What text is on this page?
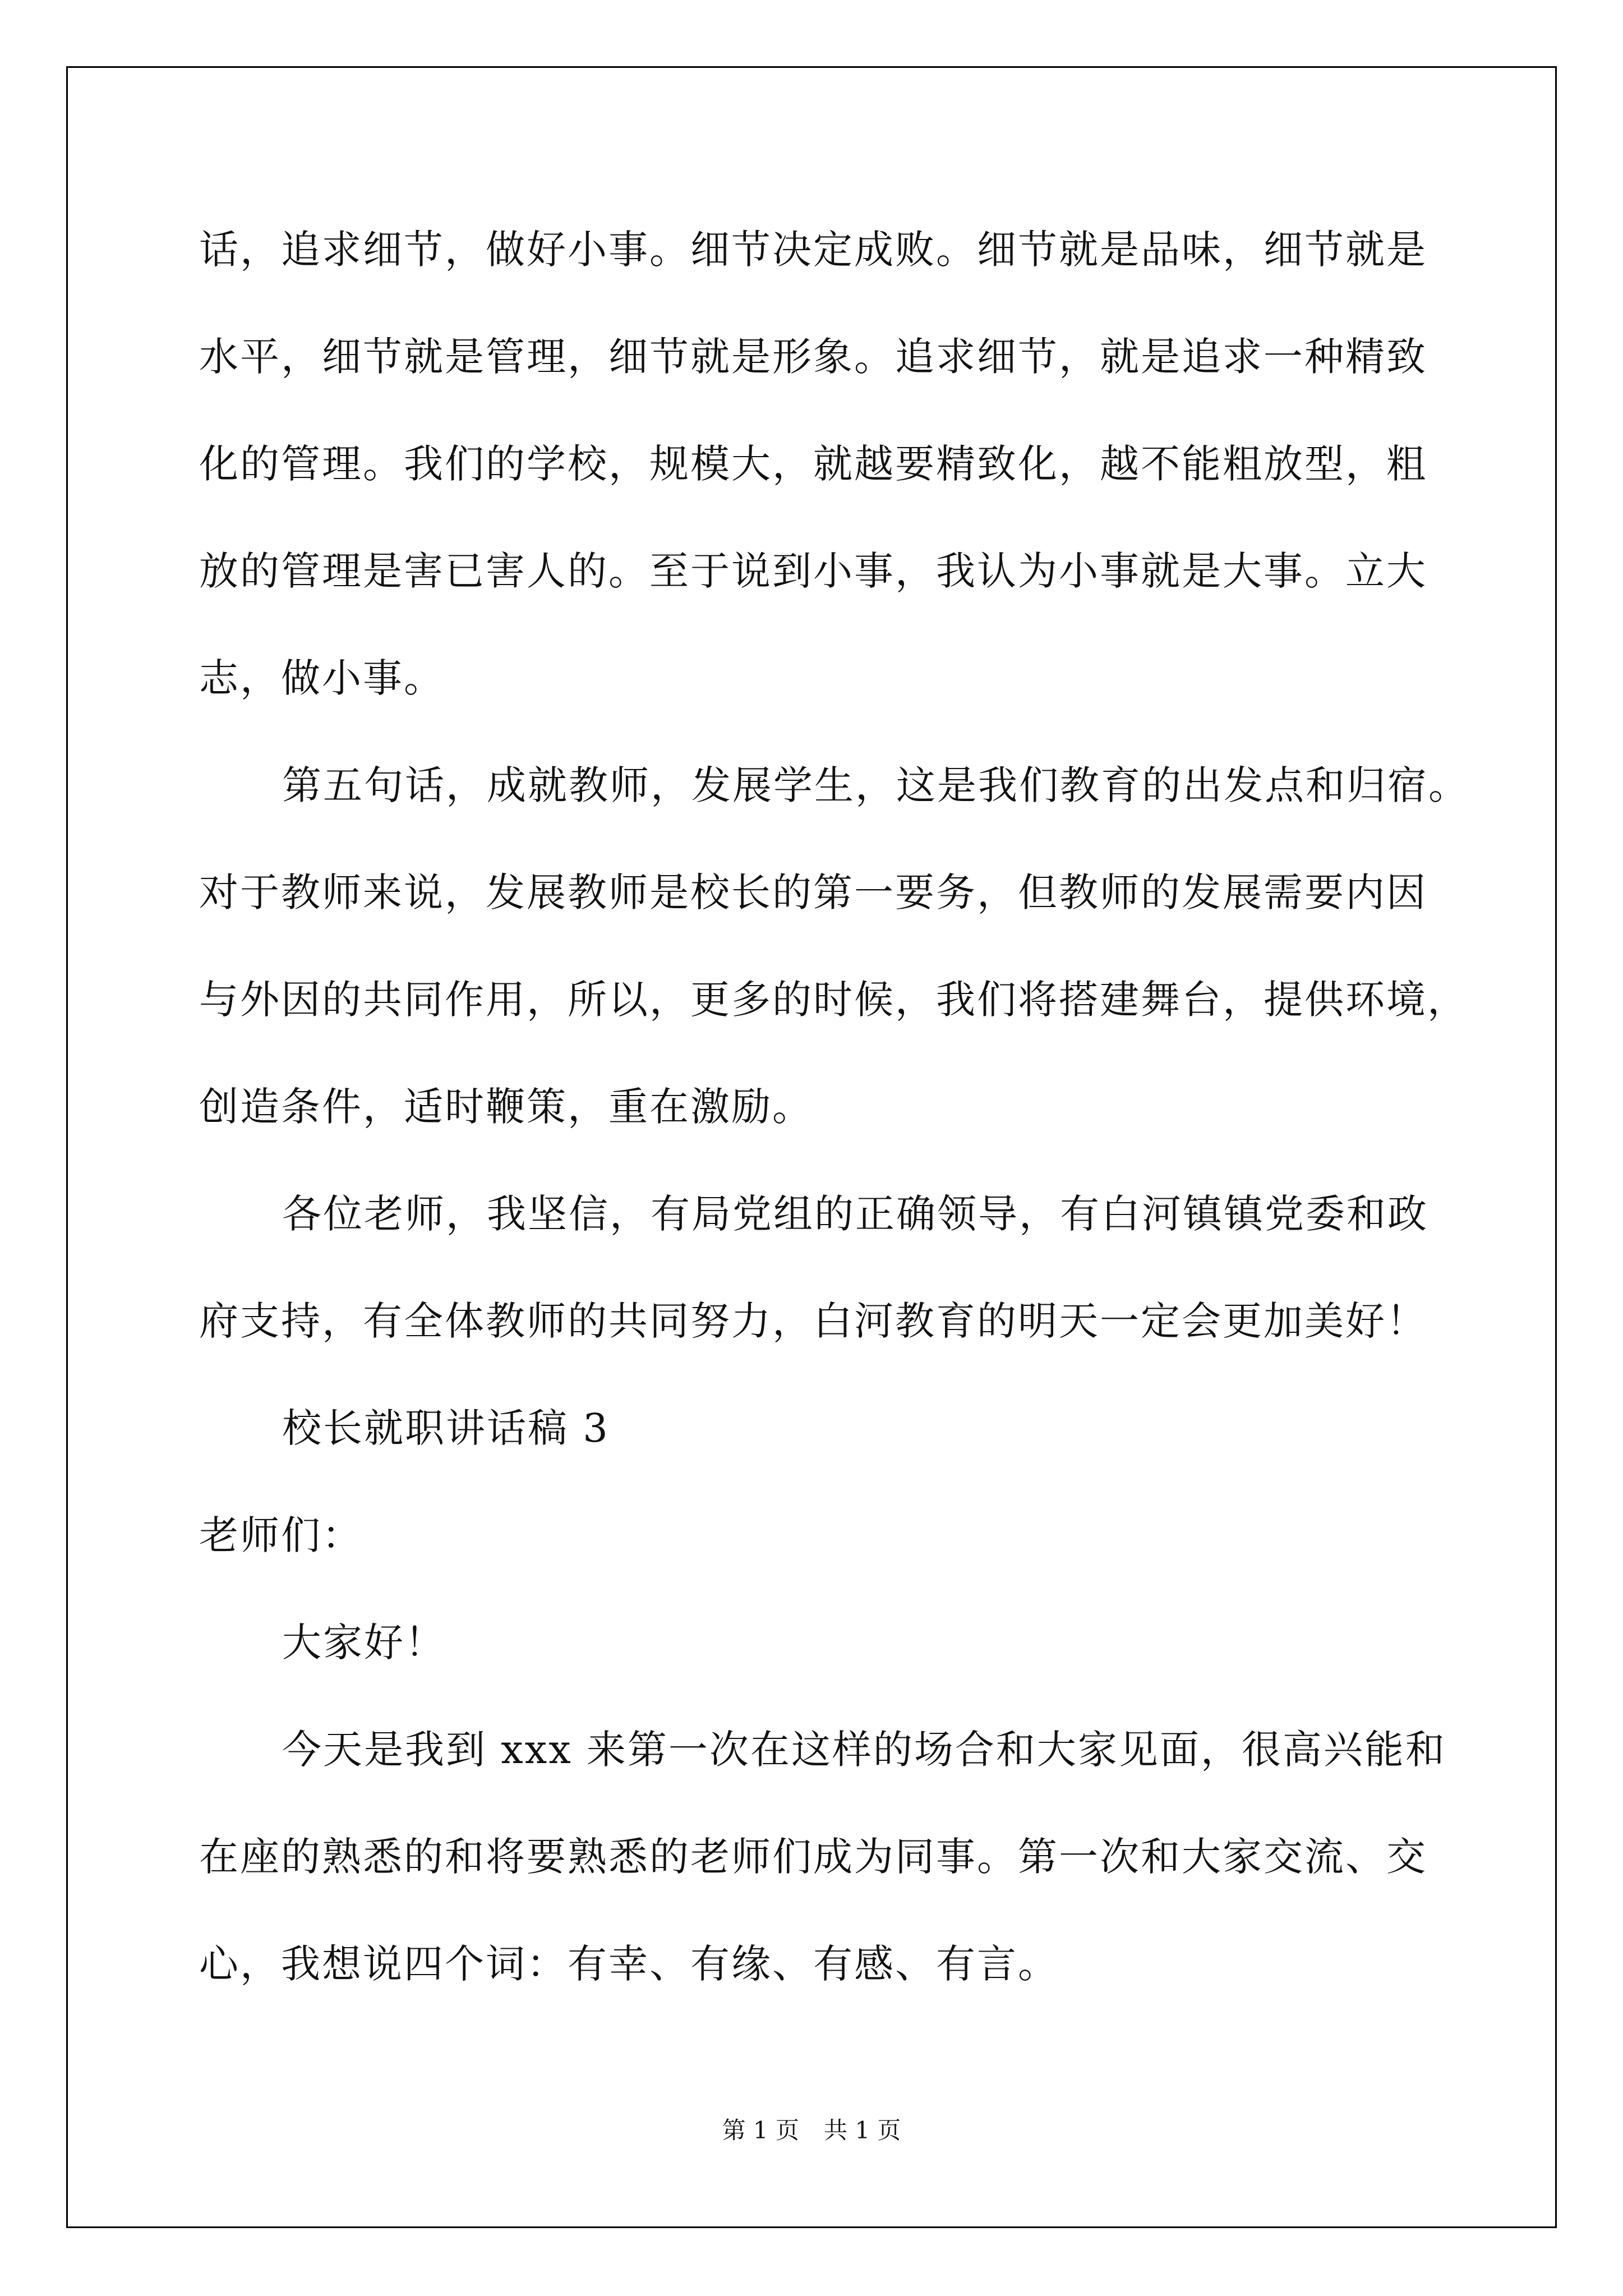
话，追求细节，做好小事。细节决定成败。细节就是品味，细节就是
水平，细节就是管理，细节就是形象。追求细节，就是追求一种精致
化的管理。我们的学校，规模大，就越要精致化，越不能粗放型，粗
放的管理是害已害人的。至于说到小事，我认为小事就是大事。立大
志，做小事。
第五句话，成就教师，发展学生，这是我们教育的出发点和归宿。
对于教师来说，发展教师是校长的第一要务，但教师的发展需要内因
与外因的共同作用，所以，更多的时候，我们将搭建舞台，提供环境，
创造条件，适时鞭策，重在激励。
各位老师，我坚信，有局党组的正确领导，有白河镇镇党委和政
府支持，有全体教师的共同努力，白河教育的明天一定会更加美好！
校长就职讲话稿 3
老师们：
大家好！
今天是我到 xxx 来第一次在这样的场合和大家见面，很高兴能和
在座的熟悉的和将要熟悉的老师们成为同事。第一次和大家交流、交
心，我想说四个词：有幸、有缘、有感、有言。
第 1 页 共 1 页
